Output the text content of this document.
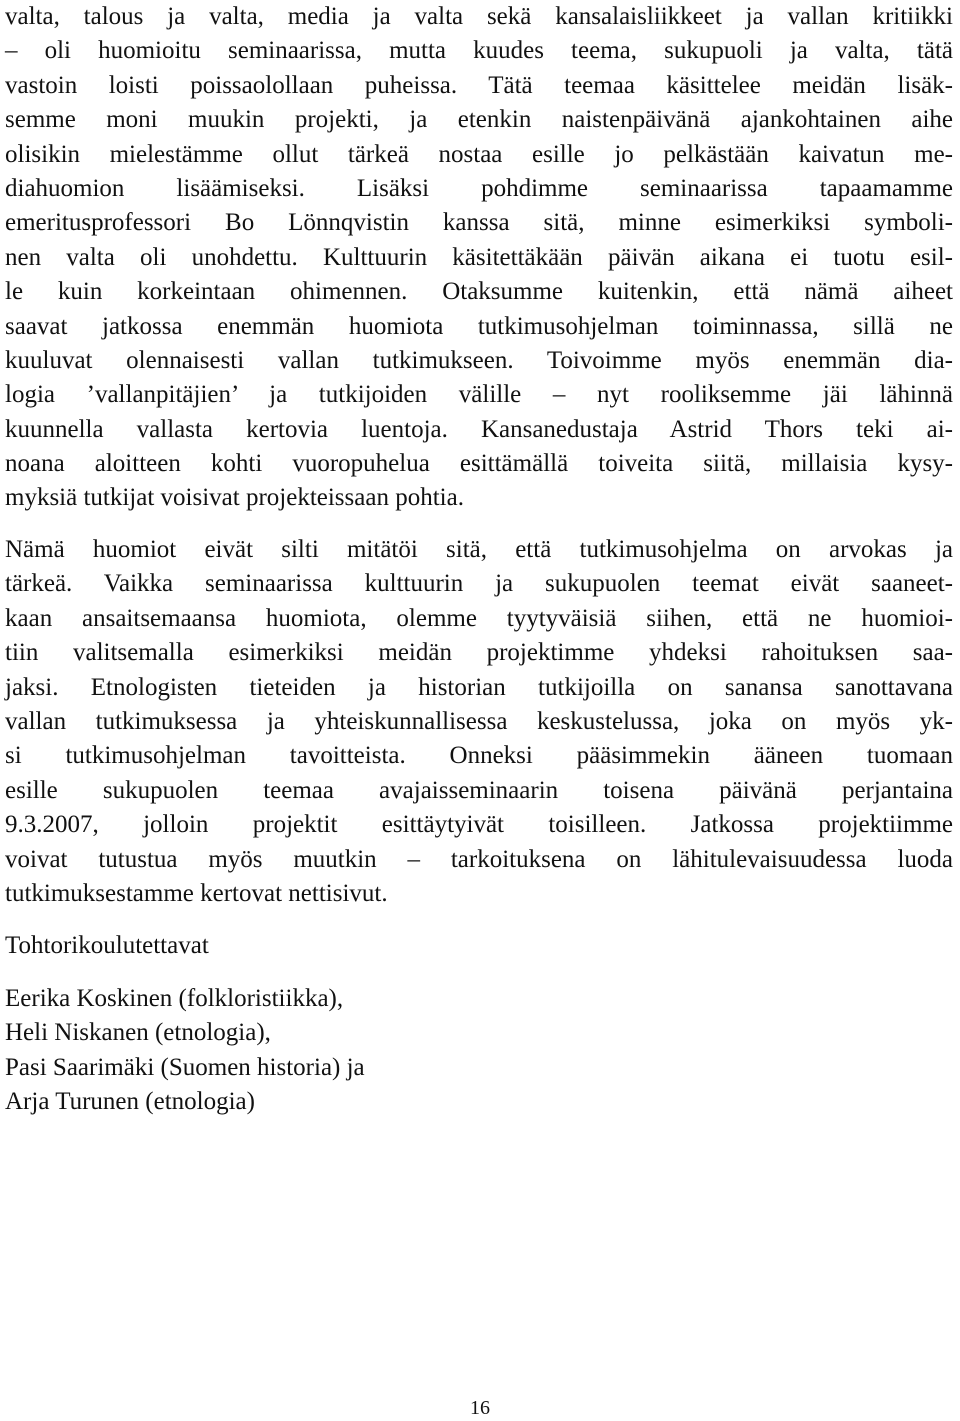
valta, talous ja valta, media ja valta sekä kansalaisliikkeet ja vallan kritiikki
– oli huomioitu seminaarissa, mutta kuudes teema, sukupuoli ja valta, tätä
vastoin loisti poissaolollaan puheissa. Tätä teemaa käsittelee meidän lisäk-
semme moni muukin projekti, ja etenkin naistenpäivänä ajankohtainen aihe
olisikin mielestämme ollut tärkeä nostaa esille jo pelkästään kaivatun me-
diahuomion lisäämiseksi. Lisäksi pohdimme seminaarissa tapaamamme
emeritusprofessori Bo Lönnqvistin kanssa sitä, minne esimerkiksi symboli-
nen valta oli unohdettu. Kulttuurin käsitettäkään päivän aikana ei tuotu esil-
le kuin korkeintaan ohimennen. Otaksumme kuitenkin, että nämä aiheet
saavat jatkossa enemmän huomiota tutkimusohjelman toiminnassa, sillä ne
kuuluvat olennaisesti vallan tutkimukseen. Toivoimme myös enemmän dia-
logia ’vallanpitäjien’ ja tutkijoiden välille – nyt rooliksemme jäi lähinnä
kuunnella vallasta kertovia luentoja. Kansanedustaja Astrid Thors teki ai-
noana aloitteen kohti vuoropuhelua esittämällä toiveita siitä, millaisia kysy-
myksiä tutkijat voisivat projekteissaan pohtia.
Nämä huomiot eivät silti mitätöi sitä, että tutkimusohjelma on arvokas ja
tärkeä. Vaikka seminaarissa kulttuurin ja sukupuolen teemat eivät saaneet-
kaan ansaitsemaansa huomiota, olemme tyytyväisiä siihen, että ne huomioi-
tiin valitsemalla esimerkiksi meidän projektimme yhdeksi rahoituksen saa-
jaksi. Etnologisten tieteiden ja historian tutkijoilla on sanansa sanottavana
vallan tutkimuksessa ja yhteiskunnallisessa keskustelussa, joka on myös yk-
si tutkimusohjelman tavoitteista. Onneksi pääsimmekin ääneen tuomaan
esille sukupuolen teemaa avajaisseminaarin toisena päivänä perjantaina
9.3.2007, jolloin projektit esittäytyivät toisilleen. Jatkossa projektiimme
voivat tutustua myös muutkin – tarkoituksena on lähitulevaisuudessa luoda
tutkimuksestamme kertovat nettisivut.
Tohtorikoulutettavat
Eerika Koskinen (folkloristiikka),
Heli Niskanen (etnologia),
Pasi Saarimäki (Suomen historia) ja
Arja Turunen (etnologia)
16
